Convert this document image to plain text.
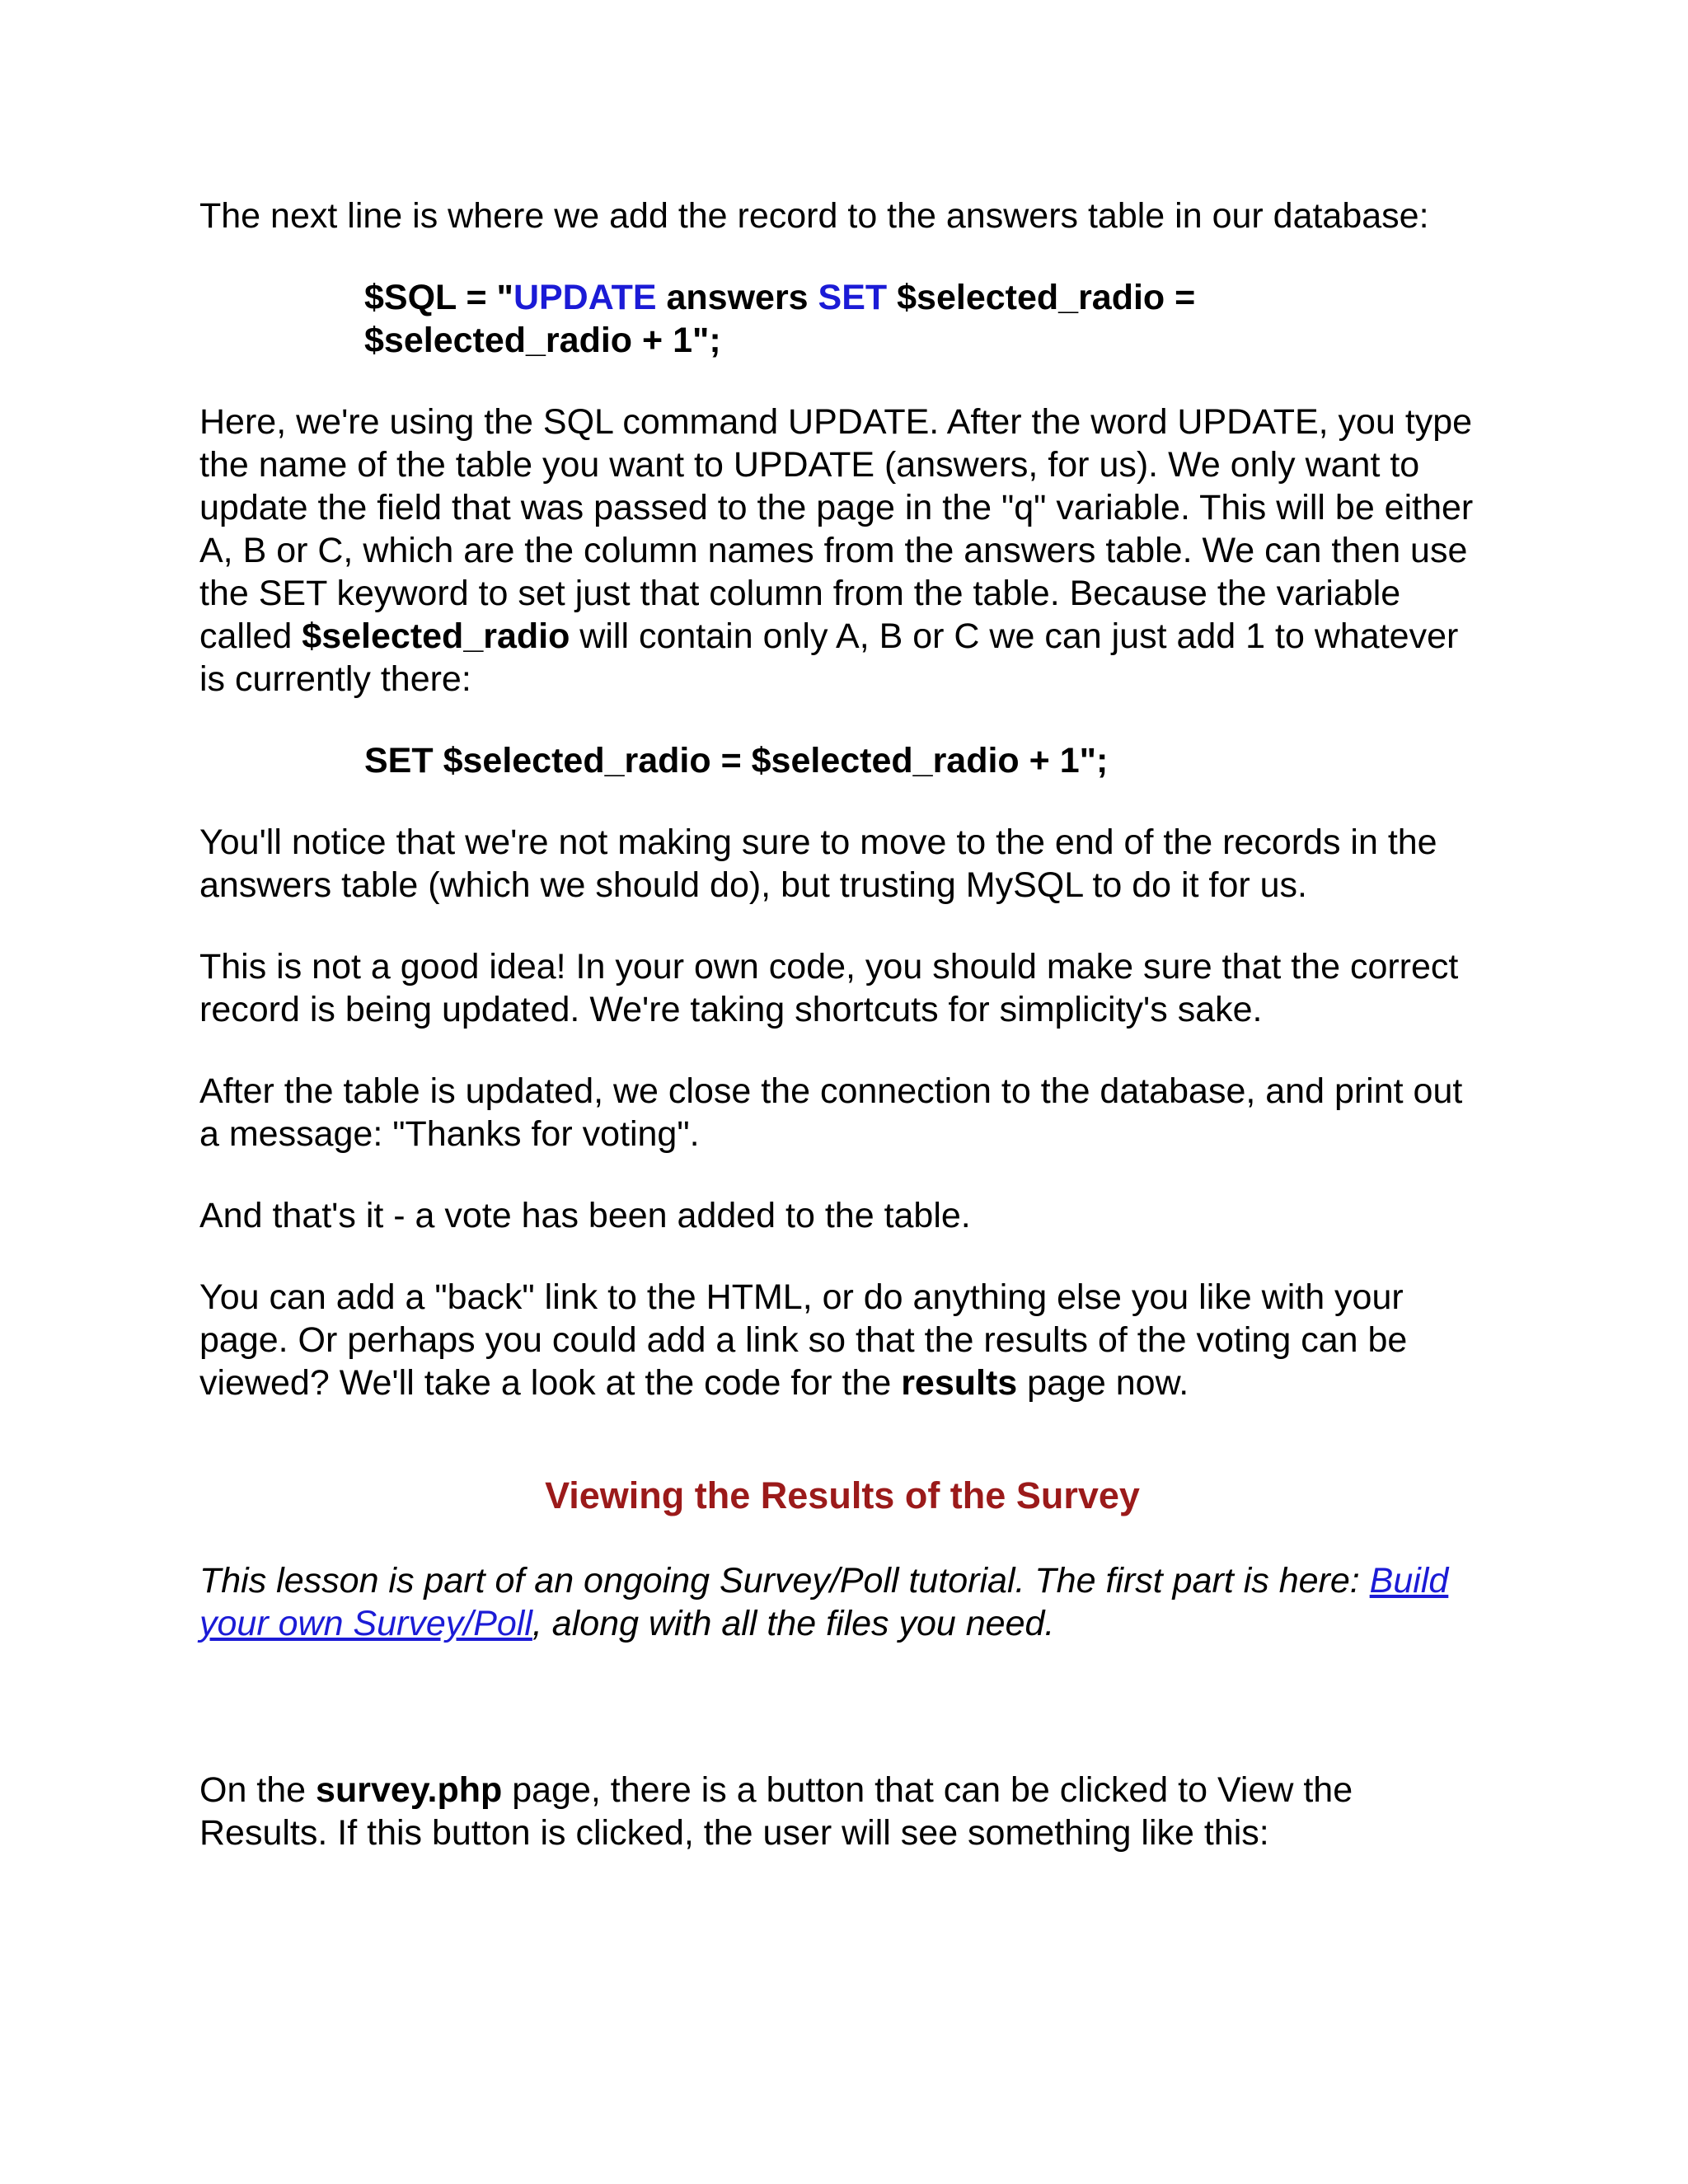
The next line is where we add the record to the answers table in our database:

$SQL = "UPDATE answers SET $selected_radio =
$selected_radio + 1";

Here, we're using the SQL command UPDATE. After the word UPDATE, you type the name of the table you want to UPDATE (answers, for us). We only want to update the field that was passed to the page in the "q" variable. This will be either A, B or C, which are the column names from the answers table. We can then use the SET keyword to set just that column from the table. Because the variable called $selected_radio will contain only A, B or C we can just add 1 to whatever is currently there:

SET $selected_radio = $selected_radio + 1";

You'll notice that we're not making sure to move to the end of the records in the answers table (which we should do), but trusting MySQL to do it for us.

This is not a good idea! In your own code, you should make sure that the correct record is being updated. We're taking shortcuts for simplicity's sake.

After the table is updated, we close the connection to the database, and print out a message: "Thanks for voting".

And that's it - a vote has been added to the table.

You can add a "back" link to the HTML, or do anything else you like with your page. Or perhaps you could add a link so that the results of the voting can be viewed? We'll take a look at the code for the results page now.

Viewing the Results of the Survey

This lesson is part of an ongoing Survey/Poll tutorial. The first part is here: Build your own Survey/Poll, along with all the files you need.

On the survey.php page, there is a button that can be clicked to View the Results. If this button is clicked, the user will see something like this:
